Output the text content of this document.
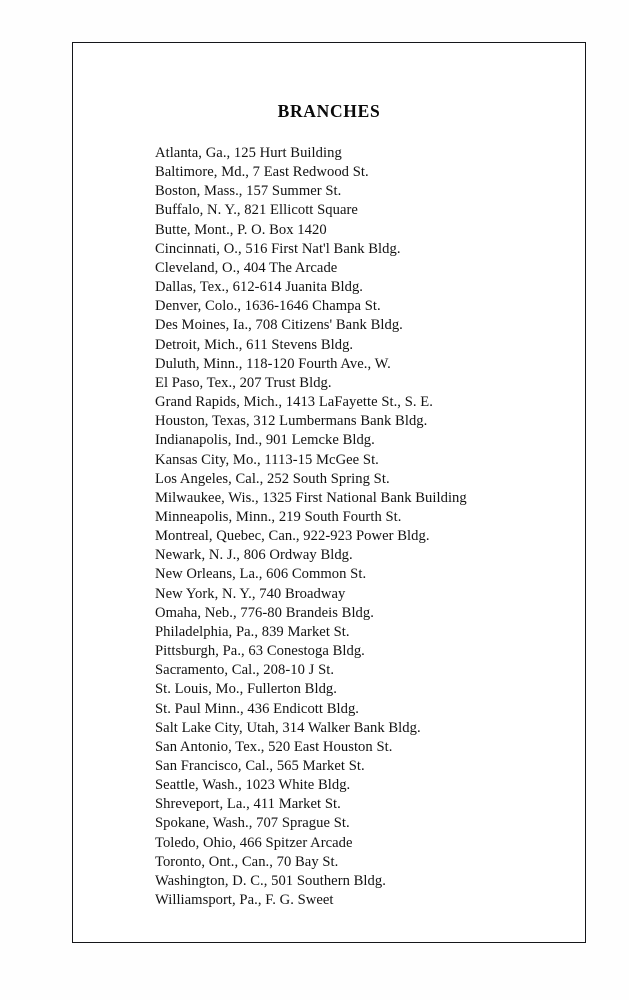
BRANCHES
Atlanta, Ga., 125 Hurt Building
Baltimore, Md., 7 East Redwood St.
Boston, Mass., 157 Summer St.
Buffalo, N. Y., 821 Ellicott Square
Butte, Mont., P. O. Box 1420
Cincinnati, O., 516 First Nat'l Bank Bldg.
Cleveland, O., 404 The Arcade
Dallas, Tex., 612-614 Juanita Bldg.
Denver, Colo., 1636-1646 Champa St.
Des Moines, Ia., 708 Citizens' Bank Bldg.
Detroit, Mich., 611 Stevens Bldg.
Duluth, Minn., 118-120 Fourth Ave., W.
El Paso, Tex., 207 Trust Bldg.
Grand Rapids, Mich., 1413 LaFayette St., S. E.
Houston, Texas, 312 Lumbermans Bank Bldg.
Indianapolis, Ind., 901 Lemcke Bldg.
Kansas City, Mo., 1113-15 McGee St.
Los Angeles, Cal., 252 South Spring St.
Milwaukee, Wis., 1325 First National Bank Building
Minneapolis, Minn., 219 South Fourth St.
Montreal, Quebec, Can., 922-923 Power Bldg.
Newark, N. J., 806 Ordway Bldg.
New Orleans, La., 606 Common St.
New York, N. Y., 740 Broadway
Omaha, Neb., 776-80 Brandeis Bldg.
Philadelphia, Pa., 839 Market St.
Pittsburgh, Pa., 63 Conestoga Bldg.
Sacramento, Cal., 208-10 J St.
St. Louis, Mo., Fullerton Bldg.
St. Paul Minn., 436 Endicott Bldg.
Salt Lake City, Utah, 314 Walker Bank Bldg.
San Antonio, Tex., 520 East Houston St.
San Francisco, Cal., 565 Market St.
Seattle, Wash., 1023 White Bldg.
Shreveport, La., 411 Market St.
Spokane, Wash., 707 Sprague St.
Toledo, Ohio, 466 Spitzer Arcade
Toronto, Ont., Can., 70 Bay St.
Washington, D. C., 501 Southern Bldg.
Williamsport, Pa., F. G. Sweet
